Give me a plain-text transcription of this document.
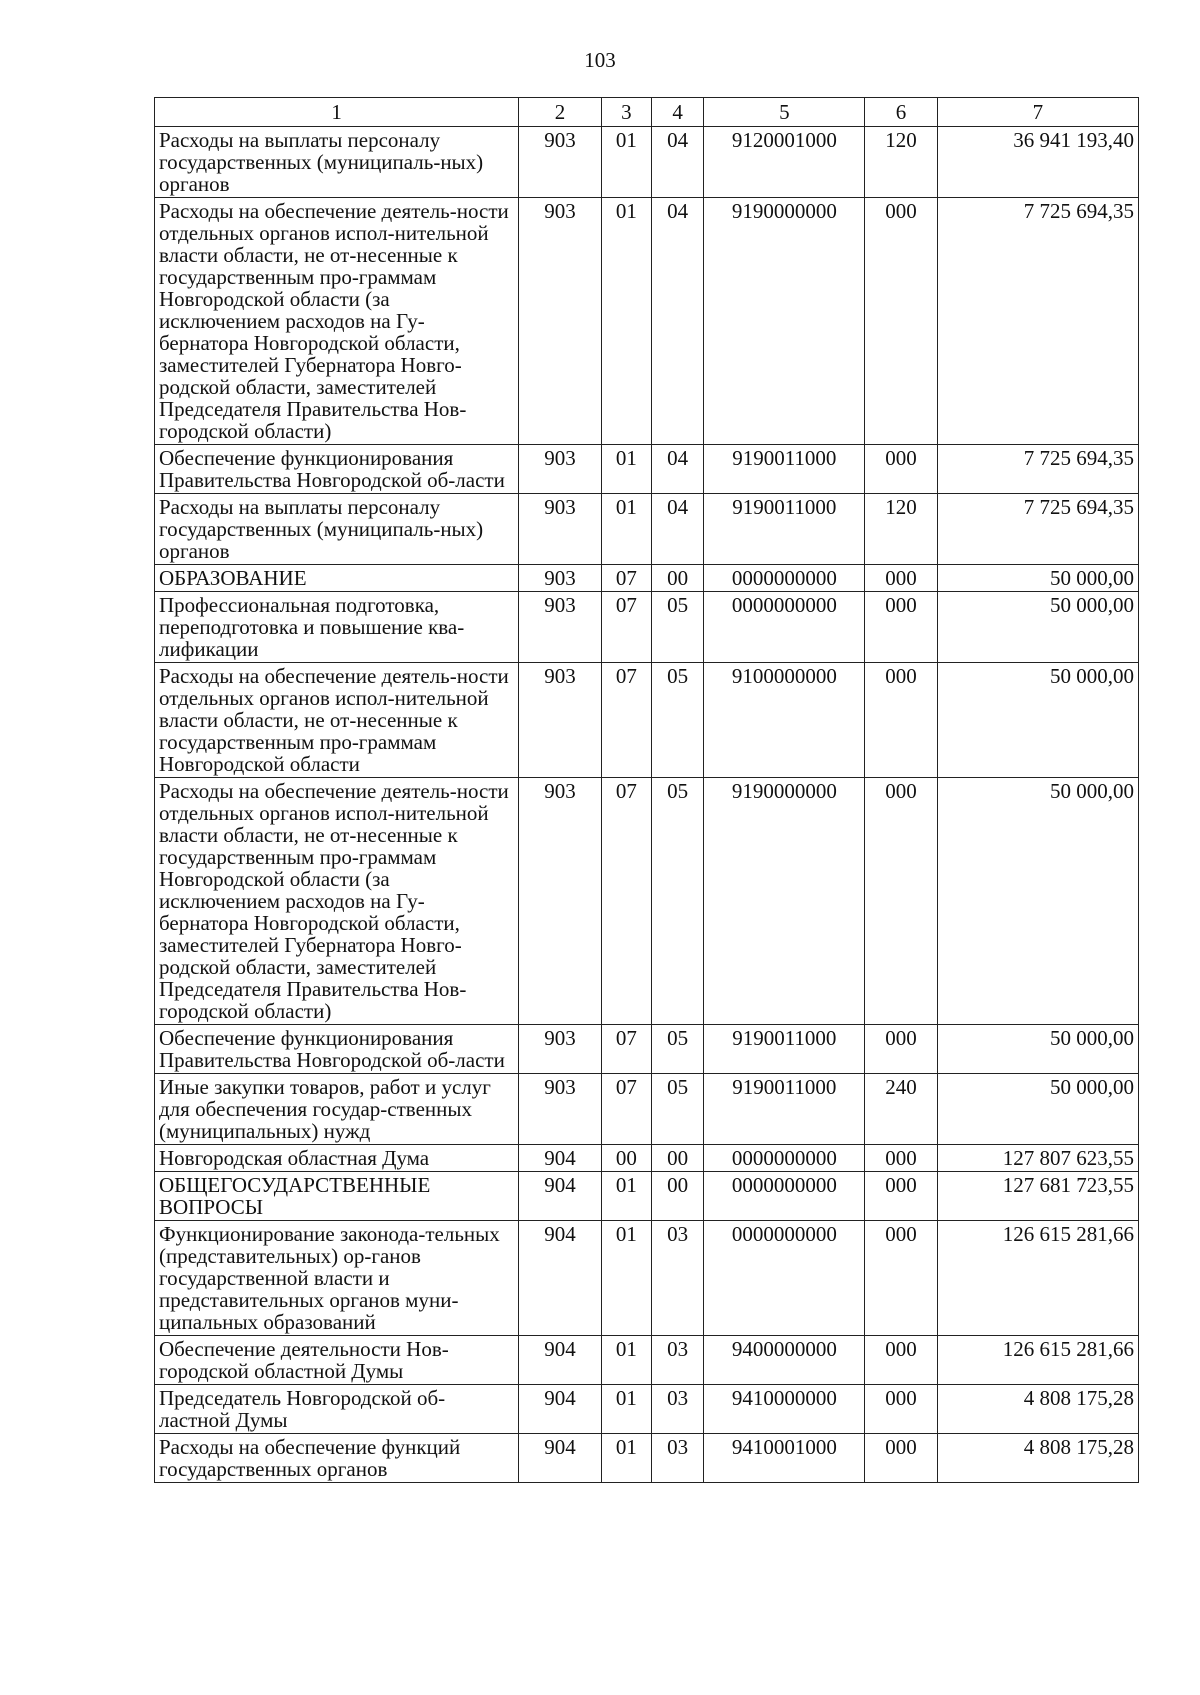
103
1	2	3	4	5	6	7
Расходы на выплаты персоналу государственных (муниципаль-ных) органов	903	01	04	9120001000	120	36 941 193,40
Расходы на обеспечение деятель-ности отдельных органов испол-нительной власти области, не от-несенные к государственным про-граммам Новгородской области (за исключением расходов на Гу-бернатора Новгородской области, заместителей Губернатора Новго-родской области, заместителей Председателя Правительства Нов-городской области)	903	01	04	9190000000	000	7 725 694,35
Обеспечение функционирования Правительства Новгородской об-ласти	903	01	04	9190011000	000	7 725 694,35
Расходы на выплаты персоналу государственных (муниципаль-ных) органов	903	01	04	9190011000	120	7 725 694,35
ОБРАЗОВАНИЕ	903	07	00	0000000000	000	50 000,00
Профессиональная подготовка, переподготовка и повышение ква-лификации	903	07	05	0000000000	000	50 000,00
Расходы на обеспечение деятель-ности отдельных органов испол-нительной власти области, не от-несенные к государственным про-граммам Новгородской области	903	07	05	9100000000	000	50 000,00
Расходы на обеспечение деятель-ности отдельных органов испол-нительной власти области, не от-несенные к государственным про-граммам Новгородской области (за исключением расходов на Гу-бернатора Новгородской области, заместителей Губернатора Новго-родской области, заместителей Председателя Правительства Нов-городской области)	903	07	05	9190000000	000	50 000,00
Обеспечение функционирования Правительства Новгородской об-ласти	903	07	05	9190011000	000	50 000,00
Иные закупки товаров, работ и услуг для обеспечения государ-ственных (муниципальных) нужд	903	07	05	9190011000	240	50 000,00
Новгородская областная Дума	904	00	00	0000000000	000	127 807 623,55
ОБЩЕГОСУДАРСТВЕННЫЕ ВОПРОСЫ	904	01	00	0000000000	000	127 681 723,55
Функционирование законода-тельных (представительных) ор-ганов государственной власти и представительных органов муни-ципальных образований	904	01	03	0000000000	000	126 615 281,66
Обеспечение деятельности Нов-городской областной Думы	904	01	03	9400000000	000	126 615 281,66
Председатель Новгородской об-ластной Думы	904	01	03	9410000000	000	4 808 175,28
Расходы на обеспечение функций государственных органов	904	01	03	9410001000	000	4 808 175,28
